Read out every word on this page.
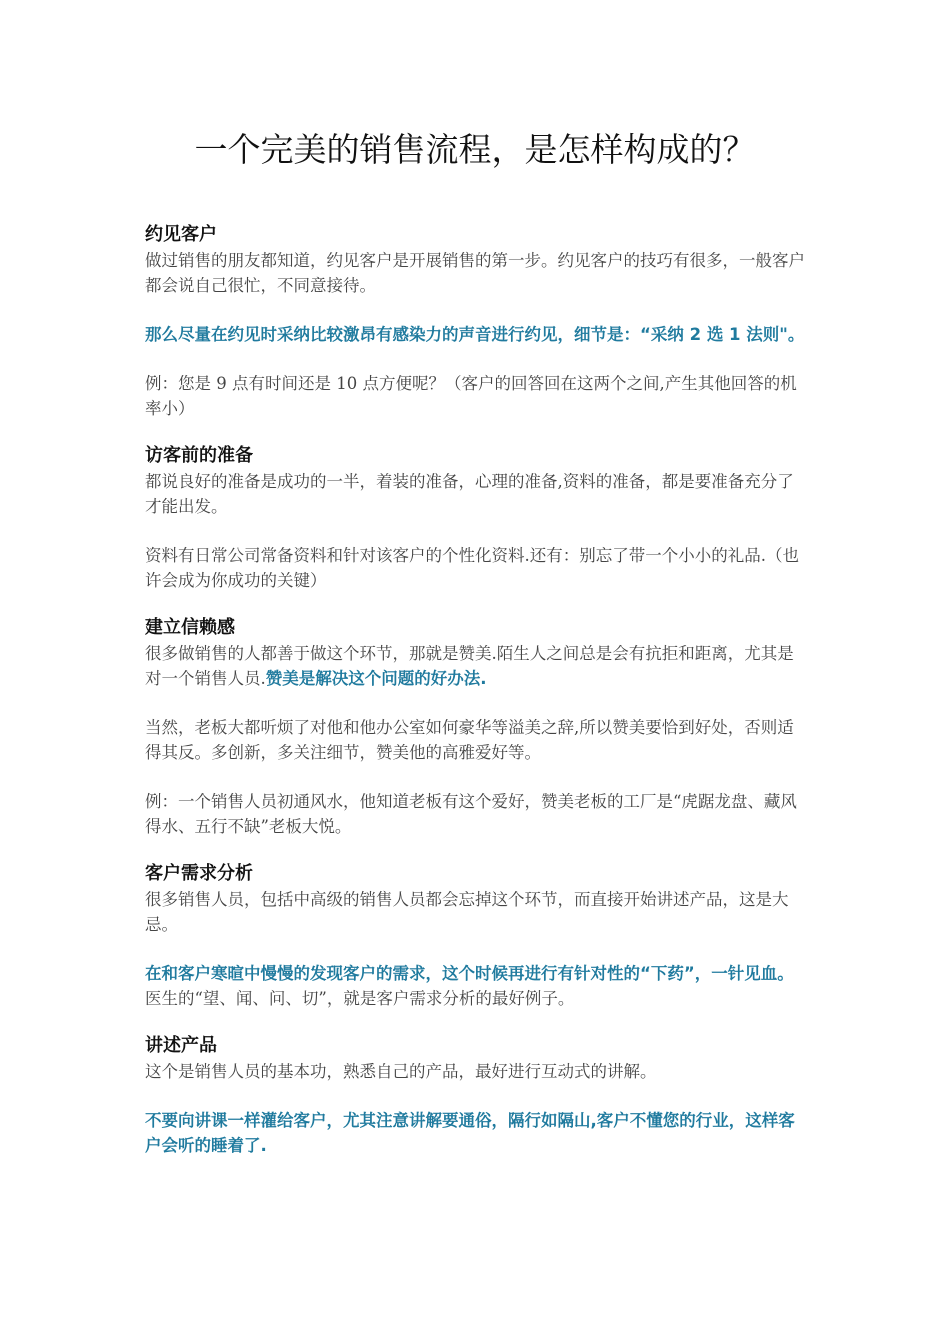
一个完美的销售流程，是怎样构成的？
约见客户

做过销售的朋友都知道，约见客户是开展销售的第一步。约见客户的技巧有很多，一般客户都会说自己很忙，不同意接待。

那么尽量在约见时采纳比较激昂有感染力的声音进行约见，细节是：“采纳 2 选 1 法则"。

例：您是 9 点有时间还是 10 点方便呢？（客户的回答回在这两个之间,产生其他回答的机率小）

访客前的准备

都说良好的准备是成功的一半，着装的准备，心理的准备,资料的准备，都是要准备充分了才能出发。

资料有日常公司常备资料和针对该客户的个性化资料.还有：别忘了带一个小小的礼品.（也许会成为你成功的关键）

建立信赖感

很多做销售的人都善于做这个环节，那就是赞美.陌生人之间总是会有抗拒和距离，尤其是对一个销售人员.赞美是解决这个问题的好办法.

当然，老板大都听烦了对他和他办公室如何豪华等溢美之辞,所以赞美要恰到好处，否则适得其反。多创新，多关注细节，赞美他的高雅爱好等。

例：一个销售人员初通风水，他知道老板有这个爱好，赞美老板的工厂是“虎踞龙盘、藏风得水、五行不缺”老板大悦。

客户需求分析

很多销售人员，包括中高级的销售人员都会忘掉这个环节，而直接开始讲述产品，这是大忌。

在和客户寒暄中慢慢的发现客户的需求，这个时候再进行有针对性的“下药”，一针见血。医生的“望、闻、问、切”，就是客户需求分析的最好例子。

讲述产品

这个是销售人员的基本功，熟悉自己的产品，最好进行互动式的讲解。

不要向讲课一样灌给客户，尤其注意讲解要通俗，隔行如隔山,客户不懂您的行业，这样客户会听的睡着了.
